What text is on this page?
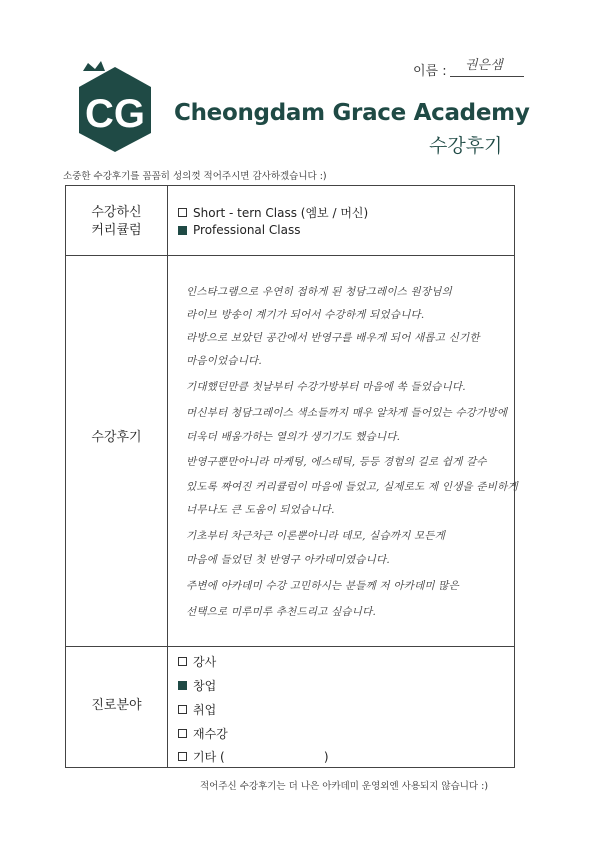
CG
이름 : 권은샘
Cheongdam Grace Academy
수강후기
소중한 수강후기를 꼼꼼히 성의껏 적어주시면 감사하겠습니다 :)
수강하신
커리큘럼
Short - tern Class (엠보 / 머신)
Professional Class
수강후기
인스타그램으로 우연히 접하게 된 청담그레이스 원장님의
라이브 방송이 계기가 되어서 수강하게 되었습니다.
라방으로 보았던 공간에서 반영구를 배우게 되어 새롭고 신기한
마음이었습니다.
기대했던만큼 첫날부터 수강가방부터 마음에 쏙 들었습니다.
머신부터 청담그레이스 색소들까지 매우 알차게 들어있는 수강가방에
더욱더 배움가하는 열의가 생기기도 했습니다.
반영구뿐만아니라 마케팅, 에스테틱, 등등 경험의 길로 쉽게 갈수
있도록 짜여진 커리큘럼이 마음에 들었고, 실제로도 제 인생을 준비하게
너무나도 큰 도움이 되었습니다.
기초부터 차근차근 이론뿐아니라 데모, 실습까지 모든게
마음에 들었던 첫 반영구 아카데미였습니다.
주변에 아카데미 수강 고민하시는 분들께 저 아카데미 많은
선택으로 미루미루 추천드리고 싶습니다.
진로분야
강사
창업
취업
재수강
기타 (                          )
적어주신 수강후기는 더 나은 아카데미 운영외엔 사용되지 않습니다 :)
